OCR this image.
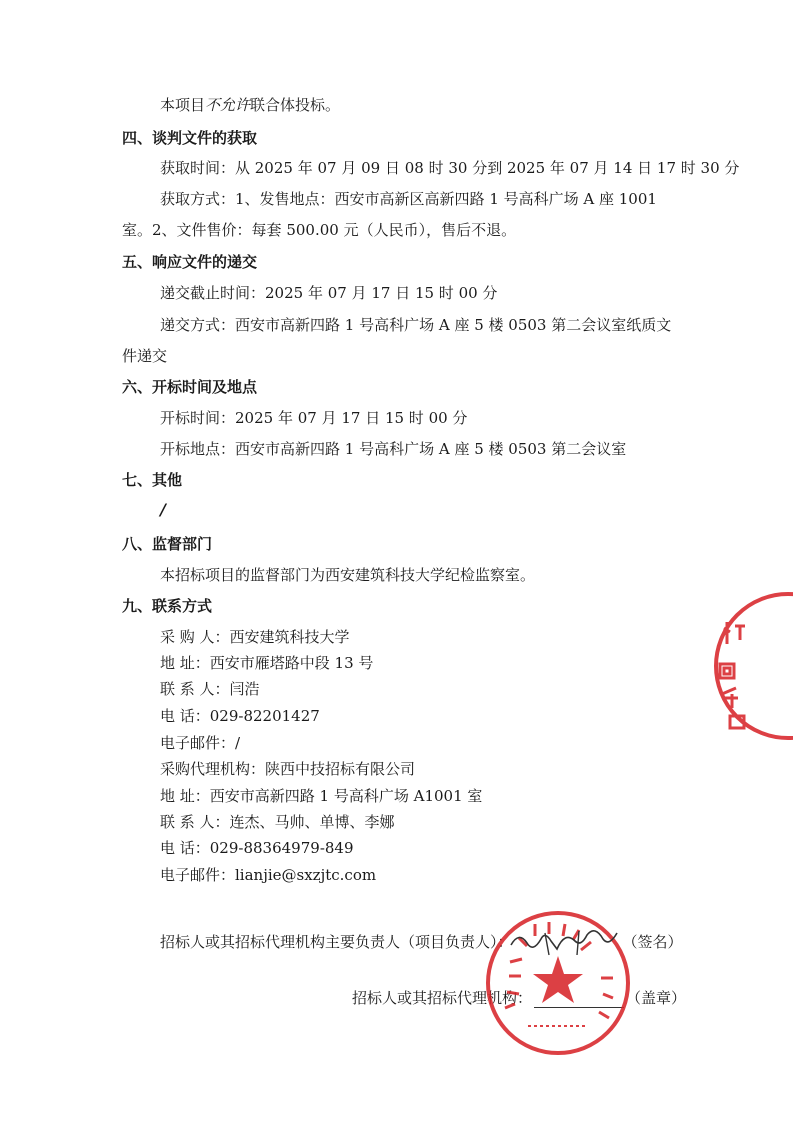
本项目不允许联合体投标。
四、谈判文件的获取
获取时间：从 2025 年 07 月 09 日 08 时 30 分到 2025 年 07 月 14 日 17 时 30 分
获取方式：1、发售地点：西安市高新区高新四路 1 号高科广场 A 座 1001
室。2、文件售价：每套 500.00 元（人民币），售后不退。
五、响应文件的递交
递交截止时间：2025 年 07 月 17 日 15 时 00 分
递交方式：西安市高新四路 1 号高科广场 A 座 5 楼 0503 第二会议室纸质文
件递交
六、开标时间及地点
开标时间：2025 年 07 月 17 日 15 时 00 分
开标地点：西安市高新四路 1 号高科广场 A 座 5 楼 0503 第二会议室
七、其他
/
八、监督部门
本招标项目的监督部门为西安建筑科技大学纪检监察室。
九、联系方式
采 购 人：西安建筑科技大学
地 址：西安市雁塔路中段 13 号
联 系 人：闫浩
电 话：029-82201427
电子邮件：/
采购代理机构：陕西中技招标有限公司
地 址：西安市高新四路 1 号高科广场 A1001 室
联 系 人：连杰、马帅、单博、李娜
电 话：029-88364979-849
电子邮件：lianjie@sxzjtc.com
招标人或其招标代理机构主要负责人（项目负责人）：	（签名）
招标人或其招标代理机构：	（盖章）
